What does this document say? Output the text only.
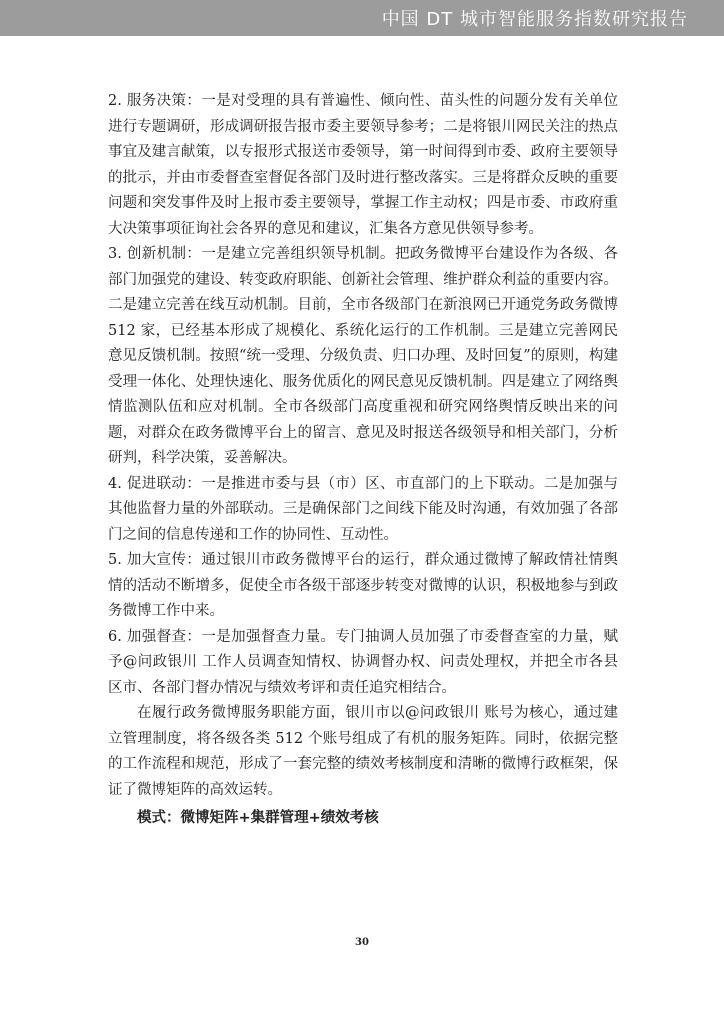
中国 DT 城市智能服务指数研究报告

2. 服务决策：一是对受理的具有普遍性、倾向性、苗头性的问题分发有关单位进行专题调研，形成调研报告报市委主要领导参考；二是将银川网民关注的热点事宜及建言献策，以专报形式报送市委领导，第一时间得到市委、政府主要领导的批示，并由市委督查室督促各部门及时进行整改落实。三是将群众反映的重要问题和突发事件及时上报市委主要领导，掌握工作主动权；四是市委、市政府重大决策事项征询社会各界的意见和建议，汇集各方意见供领导参考。

3. 创新机制：一是建立完善组织领导机制。把政务微博平台建设作为各级、各部门加强党的建设、转变政府职能、创新社会管理、维护群众利益的重要内容。二是建立完善在线互动机制。目前，全市各级部门在新浪网已开通党务政务微博 512 家，已经基本形成了规模化、系统化运行的工作机制。三是建立完善网民意见反馈机制。按照“统一受理、分级负责、归口办理、及时回复”的原则，构建受理一体化、处理快速化、服务优质化的网民意见反馈机制。四是建立了网络舆情监测队伍和应对机制。全市各级部门高度重视和研究网络舆情反映出来的问题，对群众在政务微博平台上的留言、意见及时报送各级领导和相关部门，分析研判，科学决策，妥善解决。

4. 促进联动：一是推进市委与县（市）区、市直部门的上下联动。二是加强与其他监督力量的外部联动。三是确保部门之间线下能及时沟通，有效加强了各部门之间的信息传递和工作的协同性、互动性。

5. 加大宣传：通过银川市政务微博平台的运行，群众通过微博了解政情社情舆情的活动不断增多，促使全市各级干部逐步转变对微博的认识，积极地参与到政务微博工作中来。

6. 加强督查：一是加强督查力量。专门抽调人员加强了市委督查室的力量，赋予@问政银川 工作人员调查知情权、协调督办权、问责处理权，并把全市各县区市、各部门督办情况与绩效考评和责任追究相结合。

在履行政务微博服务职能方面，银川市以@问政银川 账号为核心，通过建立管理制度，将各级各类 512 个账号组成了有机的服务矩阵。同时，依据完整的工作流程和规范，形成了一套完整的绩效考核制度和清晰的微博行政框架，保证了微博矩阵的高效运转。

模式：微博矩阵+集群管理+绩效考核

30
